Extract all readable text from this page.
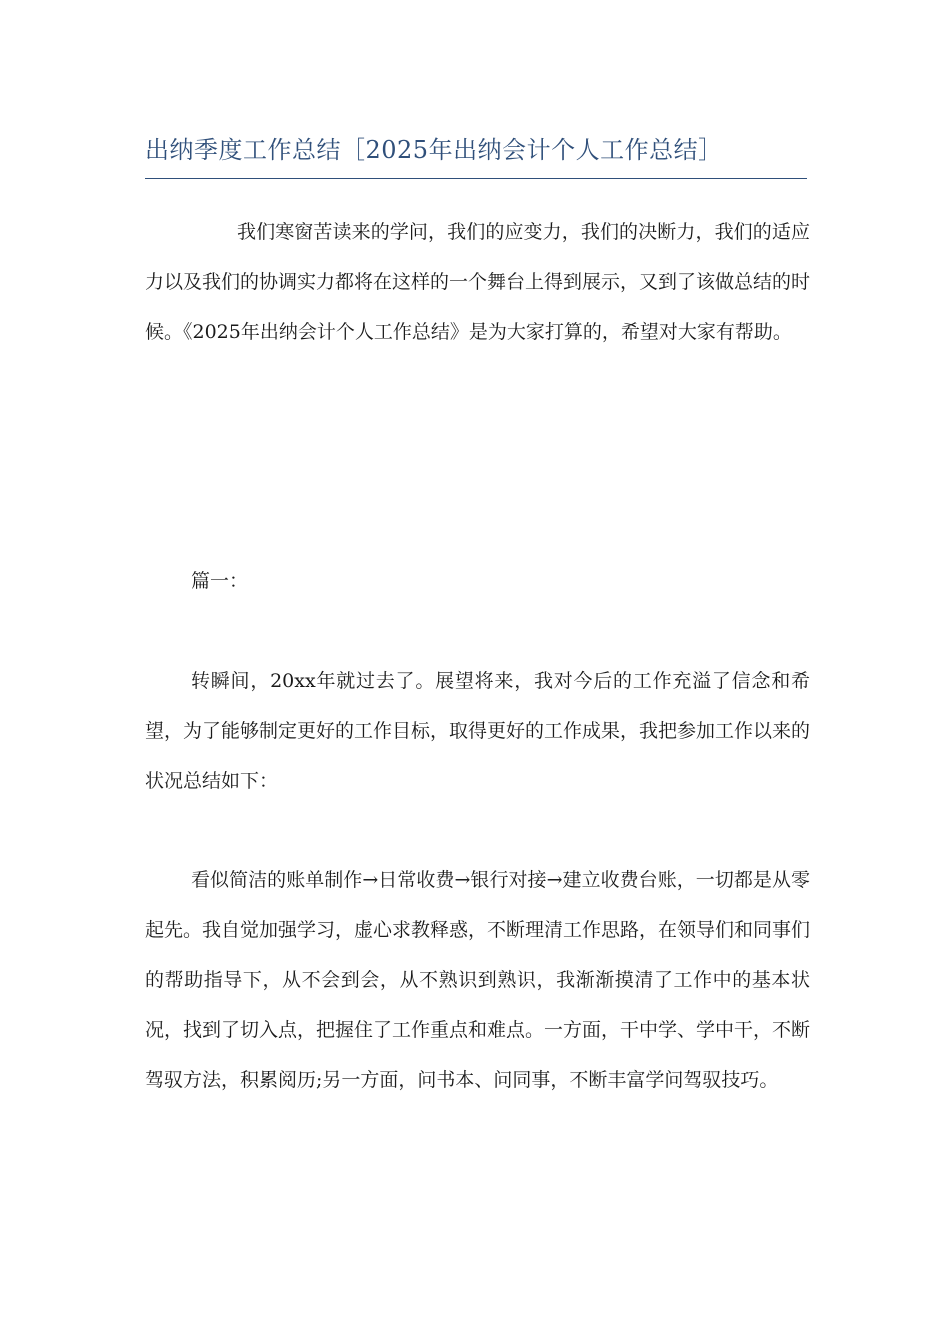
出纳季度工作总结［2025年出纳会计个人工作总结］

我们寒窗苦读来的学问，我们的应变力，我们的决断力，我们的适应力以及我们的协调实力都将在这样的一个舞台上得到展示，又到了该做总结的时候。《2025年出纳会计个人工作总结》是为大家打算的，希望对大家有帮助。

篇一：

转瞬间，20xx年就过去了。展望将来，我对今后的工作充溢了信念和希望，为了能够制定更好的工作目标，取得更好的工作成果，我把参加工作以来的状况总结如下：

看似简洁的账单制作→日常收费→银行对接→建立收费台账，一切都是从零起先。我自觉加强学习，虚心求教释惑，不断理清工作思路，在领导们和同事们的帮助指导下，从不会到会，从不熟识到熟识，我渐渐摸清了工作中的基本状况，找到了切入点，把握住了工作重点和难点。一方面，干中学、学中干，不断驾驭方法，积累阅历;另一方面，问书本、问同事，不断丰富学问驾驭技巧。
